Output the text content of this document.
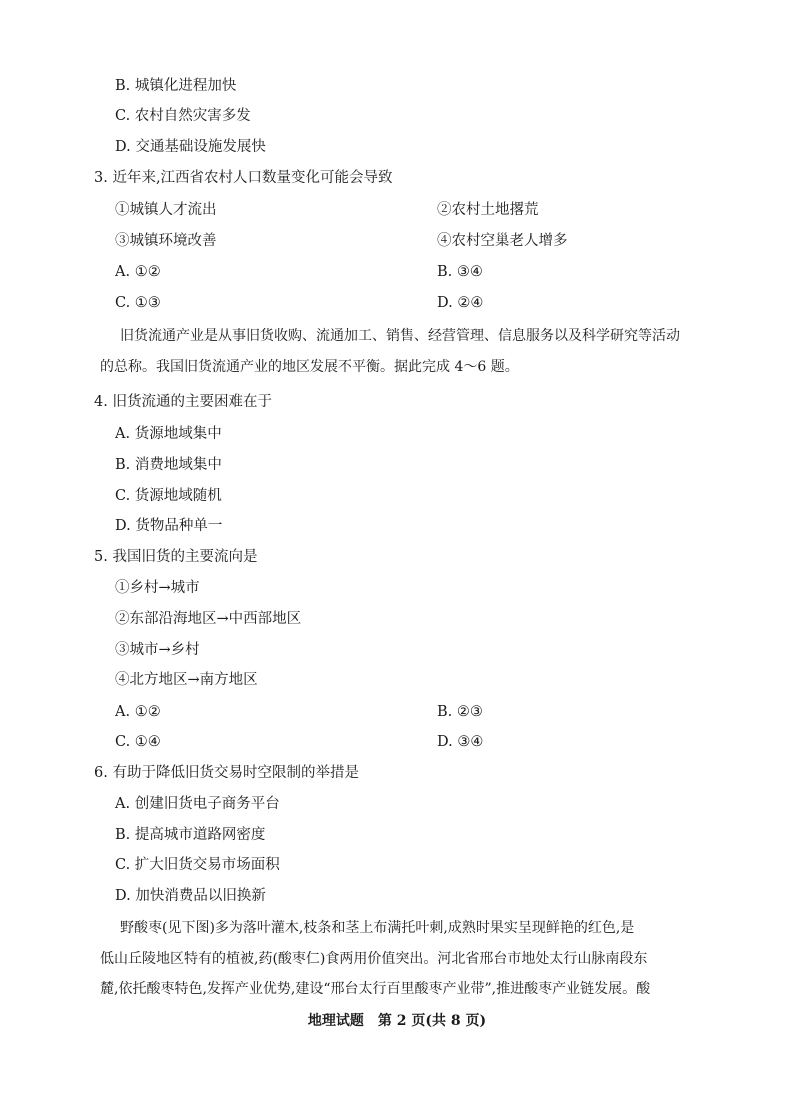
B. 城镇化进程加快
C. 农村自然灾害多发
D. 交通基础设施发展快
3. 近年来,江西省农村人口数量变化可能会导致
①城镇人才流出	②农村土地撂荒
③城镇环境改善	④农村空巢老人增多
A. ①②	B. ③④
C. ①③	D. ②④
旧货流通产业是从事旧货收购、流通加工、销售、经营管理、信息服务以及科学研究等活动
的总称。我国旧货流通产业的地区发展不平衡。据此完成 4～6 题。
4. 旧货流通的主要困难在于
A. 货源地域集中
B. 消费地域集中
C. 货源地域随机
D. 货物品种单一
5. 我国旧货的主要流向是
①乡村→城市
②东部沿海地区→中西部地区
③城市→乡村
④北方地区→南方地区
A. ①②	B. ②③
C. ①④	D. ③④
6. 有助于降低旧货交易时空限制的举措是
A. 创建旧货电子商务平台
B. 提高城市道路网密度
C. 扩大旧货交易市场面积
D. 加快消费品以旧换新
野酸枣(见下图)多为落叶灌木,枝条和茎上布满托叶刺,成熟时果实呈现鲜艳的红色,是
低山丘陵地区特有的植被,药(酸枣仁)食两用价值突出。河北省邢台市地处太行山脉南段东
麓,依托酸枣特色,发挥产业优势,建设“邢台太行百里酸枣产业带”,推进酸枣产业链发展。酸
地理试题　第 2 页(共 8 页)
